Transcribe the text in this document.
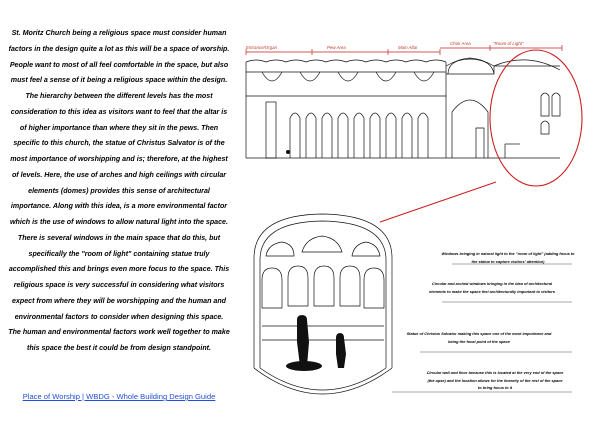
St. Moritz Church being a religious space must consider human factors in the design quite a lot as this will be a space of worship. People want to most of all feel comfortable in the space, but also must feel a sense of it being a religious space within the design. The hierarchy between the different levels has the most consideration to this idea as visitors want to feel that the altar is of higher importance than where they sit in the pews. Then specific to this church, the statue of Christus Salvator is of the most importance of worshipping and is; therefore, at the highest of levels. Here, the use of arches and high ceilings with circular elements (domes) provides this sense of architectural importance. Along with this idea, is a more environmental factor which is the use of windows to allow natural light into the space. There is several windows in the main space that do this, but specifically the "room of light" containing statue truly accomplished this and brings even more focus to the space. This religious space is very successful in considering what visitors expect from where they will be worshipping and the human and environmental factors to consider when designing this space. The human and environmental factors work well together to make this space the best it could be from design standpoint.

Place of Worship | WBDG - Whole Building Design Guide
Entrance/Organ	Pew Area	Main Altar
Choir Area	"Room of Light"
Windows bringing in natural light to the "room of light" (adding focus to the statue to capture visitors' attention)
Circular and arched windows bringing in the idea of architectural elements to make the space feel architecturally important to visitors
Statue of Christus Salvator making this space one of the most importance and being the focal point of the space
Circular wall and floor because this is located at the very end of the space (the apse) and the location allows for the linearity of the rest of the space to bring focus to it
